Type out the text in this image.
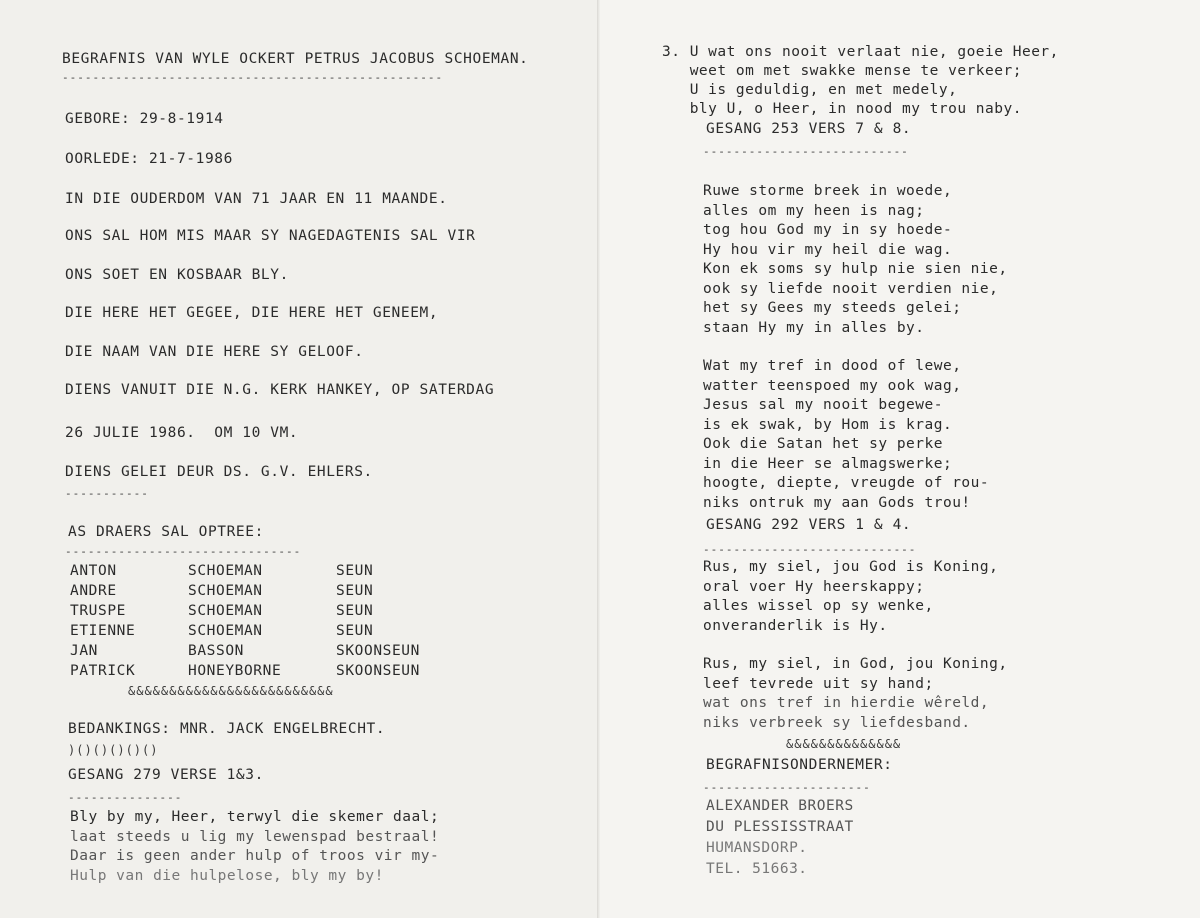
BEGRAFNIS VAN WYLE OCKERT PETRUS JACOBUS SCHOEMAN.
--------------------------------------------------
GEBORE: 29-8-1914
OORLEDE: 21-7-1986
IN DIE OUDERDOM VAN 71 JAAR EN 11 MAANDE.
ONS SAL HOM MIS MAAR SY NAGEDAGTENIS SAL VIR
ONS SOET EN KOSBAAR BLY.
DIE HERE HET GEGEE, DIE HERE HET GENEEM,
DIE NAAM VAN DIE HERE SY GELOOF.
DIENS VANUIT DIE N.G. KERK HANKEY, OP SATERDAG
26 JULIE 1986.  OM 10 VM.
DIENS GELEI DEUR DS. G.V. EHLERS.
-----------
AS DRAERS SAL OPTREE:
-------------------------------
ANTON	SCHOEMAN	SEUN
ANDRE	SCHOEMAN	SEUN
TRUSPE	SCHOEMAN	SEUN
ETIENNE	SCHOEMAN	SEUN
JAN	BASSON	SKOONSEUN
PATRICK	HONEYBORNE	SKOONSEUN
&&&&&&&&&&&&&&&&&&&&&&&&&
BEDANKINGS: MNR. JACK ENGELBRECHT.
)()()()()()
GESANG 279 VERSE 1&3.
---------------
Bly by my, Heer, terwyl die skemer daal;
laat steeds u lig my lewenspad bestraal!
Daar is geen ander hulp of troos vir my-
Hulp van die hulpelose, bly my by!
3. U wat ons nooit verlaat nie, goeie Heer,
weet om met swakke mense te verkeer;
U is geduldig, en met medely,
bly U, o Heer, in nood my trou naby.
GESANG 253 VERS 7 & 8.
---------------------------
Ruwe storme breek in woede,
alles om my heen is nag;
tog hou God my in sy hoede-
Hy hou vir my heil die wag.
Kon ek soms sy hulp nie sien nie,
ook sy liefde nooit verdien nie,
het sy Gees my steeds gelei;
staan Hy my in alles by.
Wat my tref in dood of lewe,
watter teenspoed my ook wag,
Jesus sal my nooit begewe-
is ek swak, by Hom is krag.
Ook die Satan het sy perke
in die Heer se almagswerke;
hoogte, diepte, vreugde of rou-
niks ontruk my aan Gods trou!
GESANG 292 VERS 1 & 4.
----------------------------
Rus, my siel, jou God is Koning,
oral voer Hy heerskappy;
alles wissel op sy wenke,
onveranderlik is Hy.
Rus, my siel, in God, jou Koning,
leef tevrede uit sy hand;
wat ons tref in hierdie wêreld,
niks verbreek sy liefdesband.
&&&&&&&&&&&&&&
BEGRAFNISONDERNEMER:
----------------------
ALEXANDER BROERS
DU PLESSISSTRAAT
HUMANSDORP.
TEL. 51663.
